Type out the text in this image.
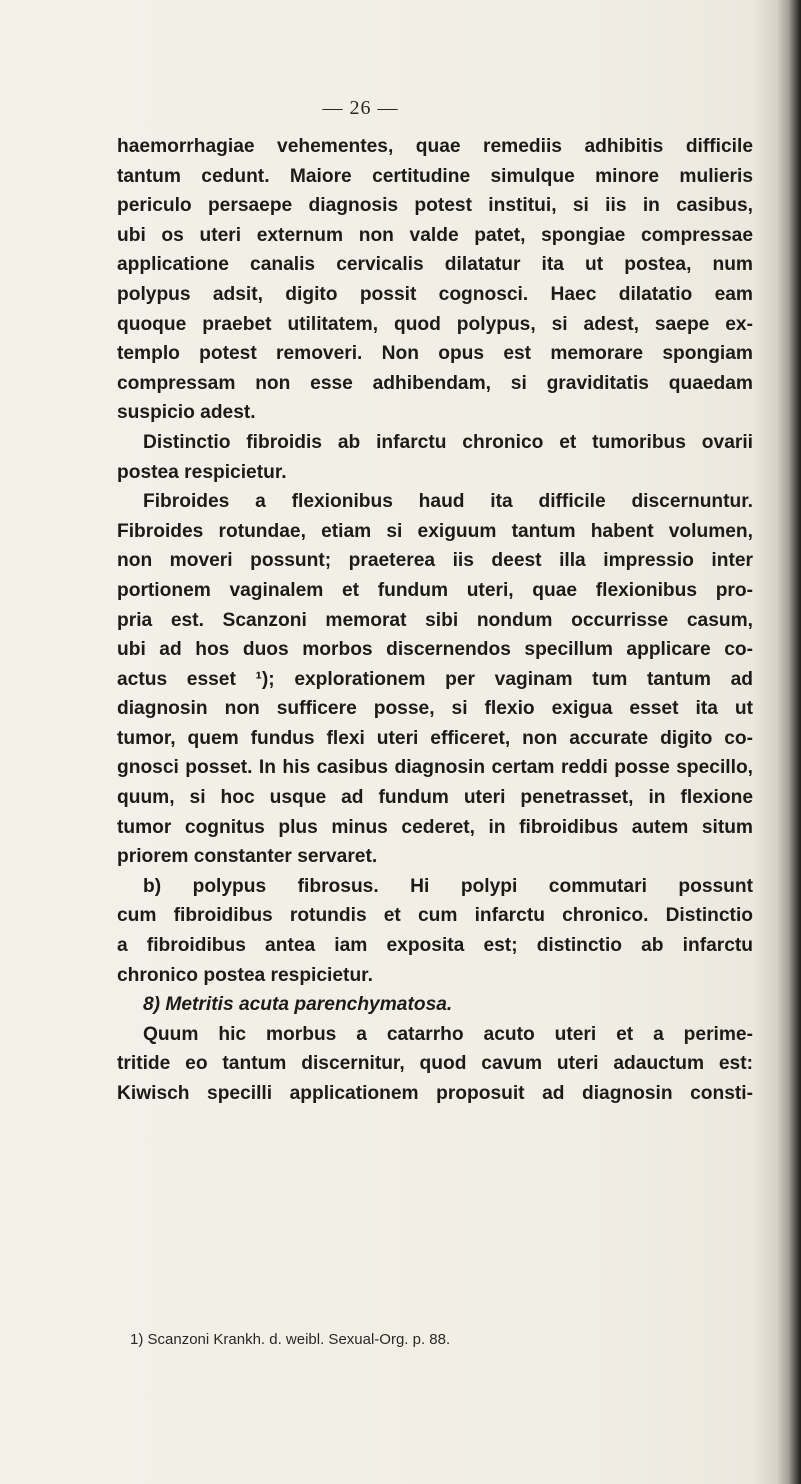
— 26 —
haemorrhagiae vehementes, quae remediis adhibitis difficile
tantum cedunt. Maiore certitudine simulque minore mulieris
periculo persaepe diagnosis potest institui, si iis in casibus,
ubi os uteri externum non valde patet, spongiae compressae
applicatione canalis cervicalis dilatatur ita ut postea, num
polypus adsit, digito possit cognosci. Haec dilatatio eam
quoque praebet utilitatem, quod polypus, si adest, saepe ex-
templo potest removeri. Non opus est memorare spongiam
compressam non esse adhibendam, si graviditatis quaedam
suspicio adest.
Distinctio fibroidis ab infarctu chronico et tumoribus ovarii
postea respicietur.
Fibroides a flexionibus haud ita difficile discernuntur.
Fibroides rotundae, etiam si exiguum tantum habent volumen,
non moveri possunt; praeterea iis deest illa impressio inter
portionem vaginalem et fundum uteri, quae flexionibus pro-
pria est. Scanzoni memorat sibi nondum occurrisse casum,
ubi ad hos duos morbos discernendos specillum applicare co-
actus esset ¹); explorationem per vaginam tum tantum ad
diagnosin non sufficere posse, si flexio exigua esset ita ut
tumor, quem fundus flexi uteri efficeret, non accurate digito co-
gnosci posset. In his casibus diagnosin certam reddi posse specillo,
quum, si hoc usque ad fundum uteri penetrasset, in flexione
tumor cognitus plus minus cederet, in fibroidibus autem situm
priorem constanter servaret.
b) polypus fibrosus. Hi polypi commutari possunt
cum fibroidibus rotundis et cum infarctu chronico. Distinctio
a fibroidibus antea iam exposita est; distinctio ab infarctu
chronico postea respicietur.
8) Metritis acuta parenchymatosa.
Quum hic morbus a catarrho acuto uteri et a perime-
tritide eo tantum discernitur, quod cavum uteri adauctum est:
Kiwisch specilli applicationem proposuit ad diagnosin consti-
1) Scanzoni Krankh. d. weibl. Sexual-Org. p. 88.
